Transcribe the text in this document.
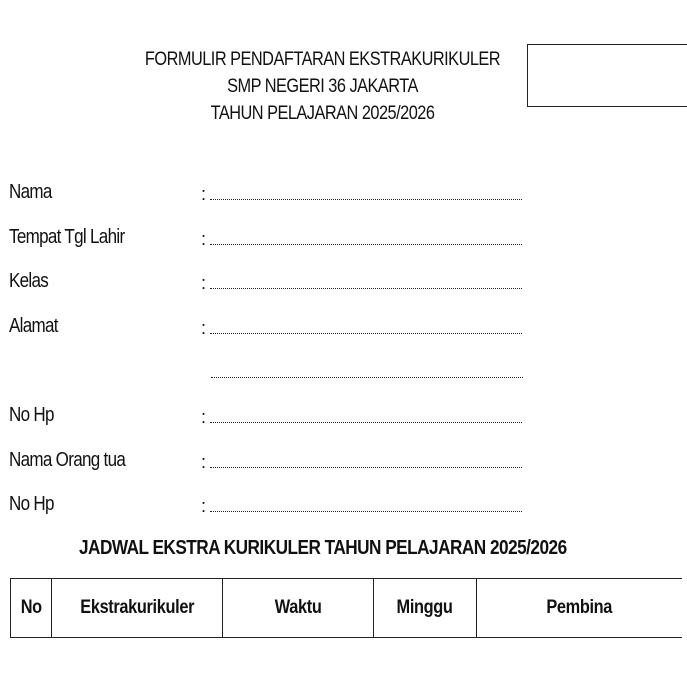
FORMULIR PENDAFTARAN EKSTRAKURIKULER
SMP NEGERI 36 JAKARTA
TAHUN PELAJARAN 2025/2026
Nama	:
Tempat Tgl Lahir	:
Kelas	:
Alamat	:
No Hp	:
Nama Orang tua	:
No Hp	:
JADWAL EKSTRA KURIKULER TAHUN PELAJARAN 2025/2026
No	Ekstrakurikuler	Waktu	Minggu	Pembina
